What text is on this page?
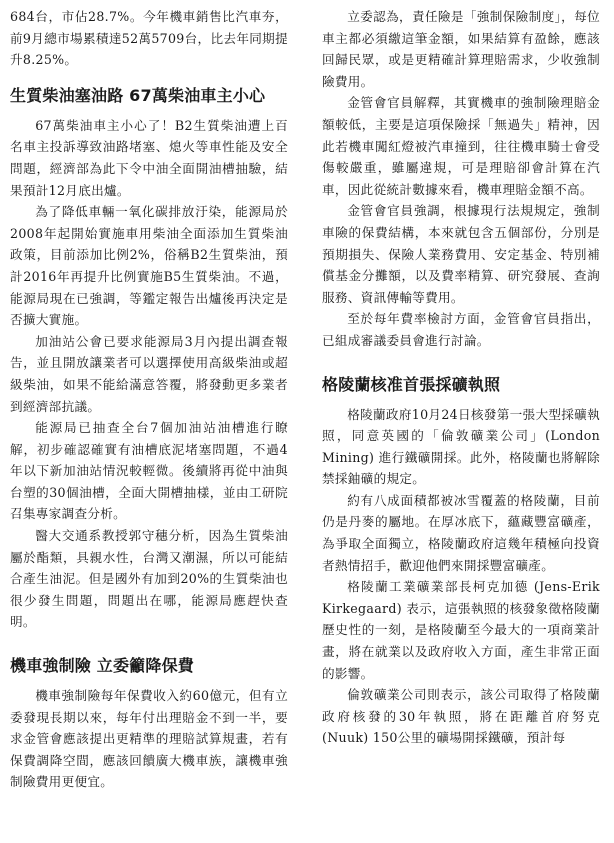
684台，市佔28.7%。今年機車銷售比汽車夯，前9月總市場累積達52萬5709台，比去年同期提升8.25%。

生質柴油塞油路 67萬柴油車主小心

67萬柴油車主小心了！B2生質柴油遭上百名車主投訴導致油路堵塞、熄火等車性能及安全問題，經濟部為此下令中油全面開油槽抽驗，結果預計12月底出爐。

為了降低車輛一氧化碳排放汙染，能源局於2008年起開始實施車用柴油全面添加生質柴油政策，目前添加比例2%，俗稱B2生質柴油，預計2016年再提升比例實施B5生質柴油。不過，能源局現在已強調，等鑑定報告出爐後再決定是否擴大實施。

加油站公會已要求能源局3月內提出調查報告，並且開放讓業者可以選擇使用高級柴油或超級柴油，如果不能給滿意答覆，將發動更多業者到經濟部抗議。

能源局已抽查全台7個加油站油槽進行瞭解，初步確認確實有油槽底泥堵塞問題，不過4年以下新加油站情況較輕微。後續將再從中油與台塑的30個油槽，全面大開槽抽樣，並由工研院召集專家調查分析。

醫大交通系教授郭守穗分析，因為生質柴油屬於酯類，具親水性，台灣又潮濕，所以可能結合產生油泥。但是國外有加到20%的生質柴油也很少發生問題，問題出在哪，能源局應趕快查明。

機車強制險 立委籲降保費

機車強制險每年保費收入約60億元，但有立委發現長期以來，每年付出理賠金不到一半，要求金管會應該提出更精準的理賠試算規畫，若有保費調降空間，應該回饋廣大機車族，讓機車強制險費用更便宜。

立委認為，責任險是「強制保險制度」，每位車主都必須繳這筆金額，如果結算有盈餘，應該回歸民眾，或是更精確計算理賠需求，少收強制險費用。

金管會官員解釋，其實機車的強制險理賠金額較低，主要是這項保險採「無過失」精神，因此若機車闖紅燈被汽車撞到，往往機車騎士會受傷較嚴重，雖屬違規，可是理賠卻會計算在汽車，因此從統計數據來看，機車理賠金額不高。

金管會官員強調，根據現行法規規定，強制車險的保費結構，本來就包含五個部份，分別是預期損失、保險人業務費用、安定基金、特別補償基金分攤額，以及費率精算、研究發展、查詢服務、資訊傳輸等費用。

至於每年費率檢討方面，金管會官員指出，已組成審議委員會進行討論。

格陵蘭核准首張採礦執照

格陵蘭政府10月24日核發第一張大型採礦執照，同意英國的「倫敦礦業公司」(London Mining) 進行鐵礦開採。此外，格陵蘭也將解除禁採鈾礦的規定。

約有八成面積都被冰雪覆蓋的格陵蘭，目前仍是丹麥的屬地。在厚冰底下，蘊藏豐富礦產，為爭取全面獨立，格陵蘭政府這幾年積極向投資者熱情招手，歡迎他們來開採豐富礦產。

格陵蘭工業礦業部長柯克加德 (Jens-Erik Kirkegaard) 表示，這張執照的核發象徵格陵蘭歷史性的一刻，是格陵蘭至今最大的一項商業計畫，將在就業以及政府收入方面，產生非常正面的影響。

倫敦礦業公司則表示，該公司取得了格陵蘭政府核發的30年執照，將在距離首府努克 (Nuuk) 150公里的礦場開採鐵礦，預計每
